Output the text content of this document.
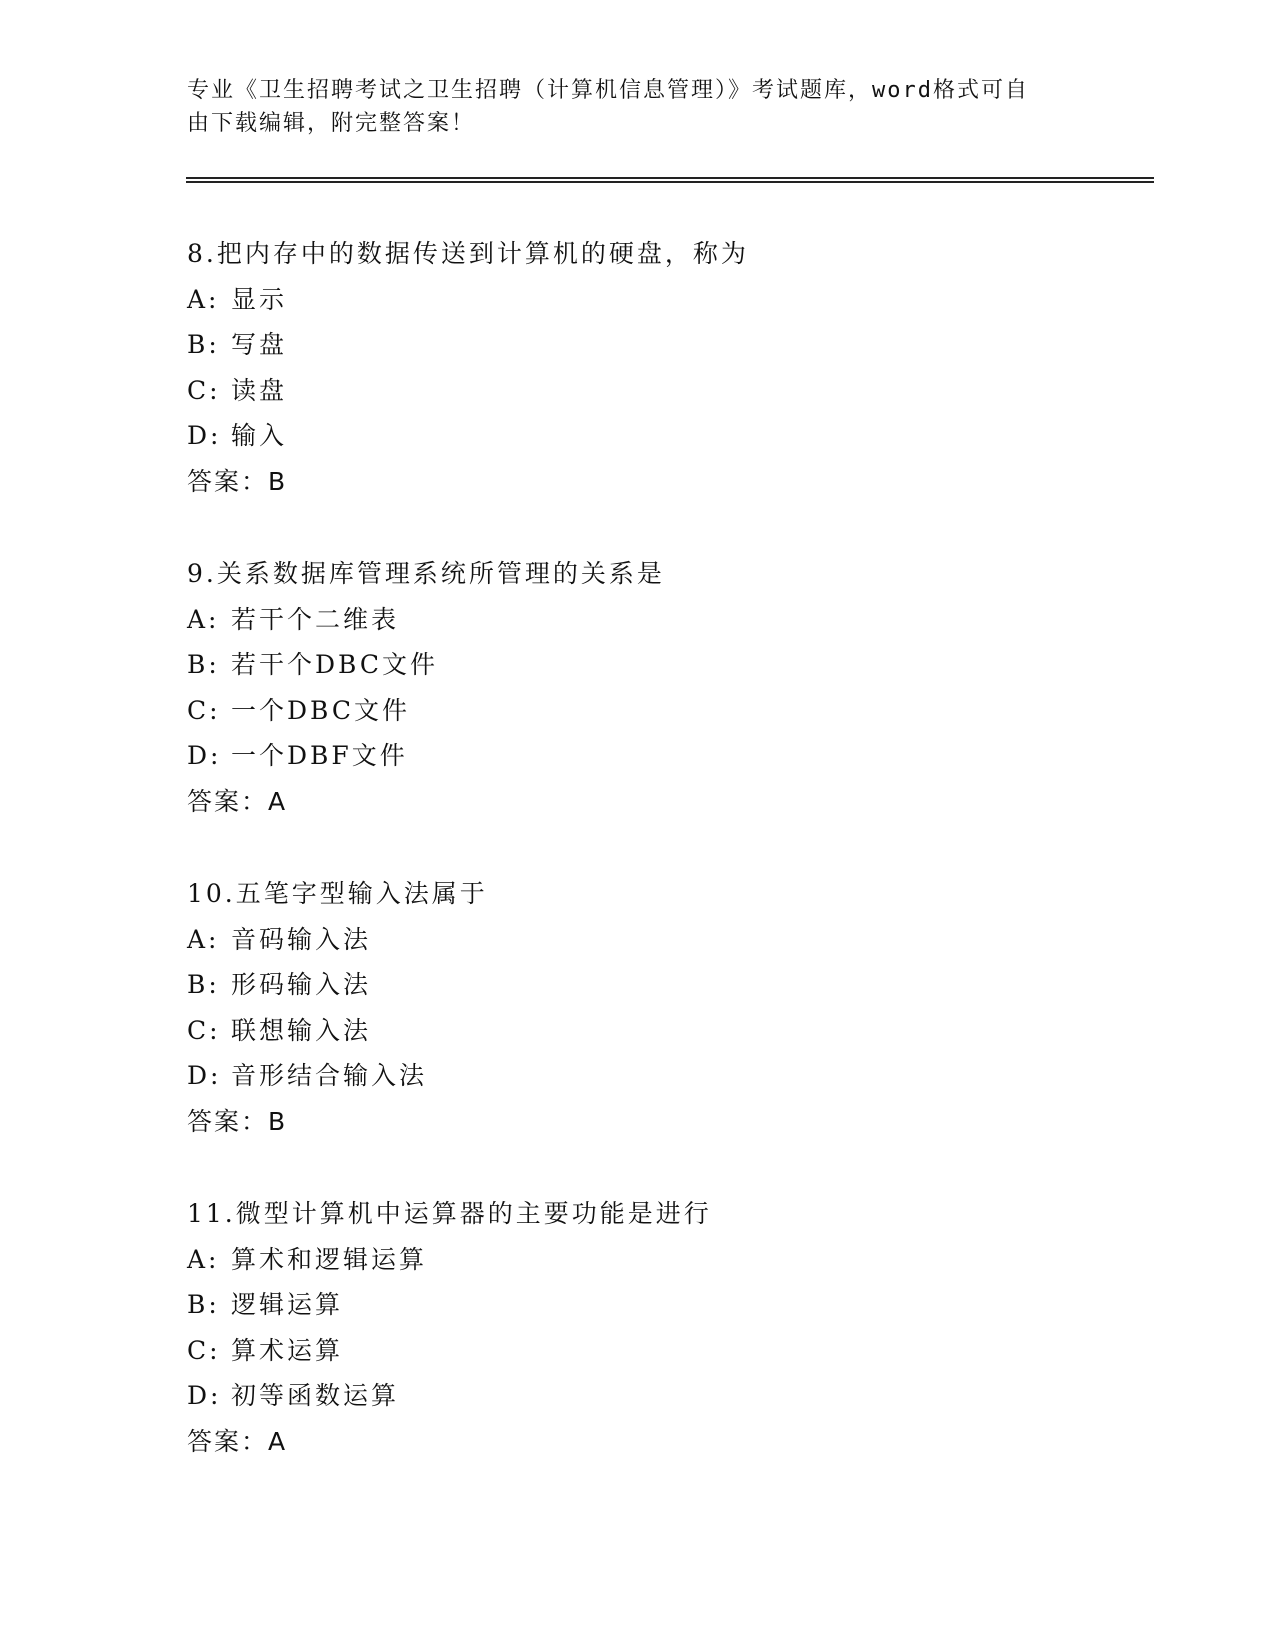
专业《卫生招聘考试之卫生招聘（计算机信息管理）》考试题库，word格式可自
由下载编辑，附完整答案！
8.把内存中的数据传送到计算机的硬盘，称为
A: 显示
B: 写盘
C: 读盘
D: 输入
答案：B
9.关系数据库管理系统所管理的关系是
A: 若干个二维表
B: 若干个DBC文件
C: 一个DBC文件
D: 一个DBF文件
答案：A
10.五笔字型输入法属于
A: 音码输入法
B: 形码输入法
C: 联想输入法
D: 音形结合输入法
答案：B
11.微型计算机中运算器的主要功能是进行
A: 算术和逻辑运算
B: 逻辑运算
C: 算术运算
D: 初等函数运算
答案：A
